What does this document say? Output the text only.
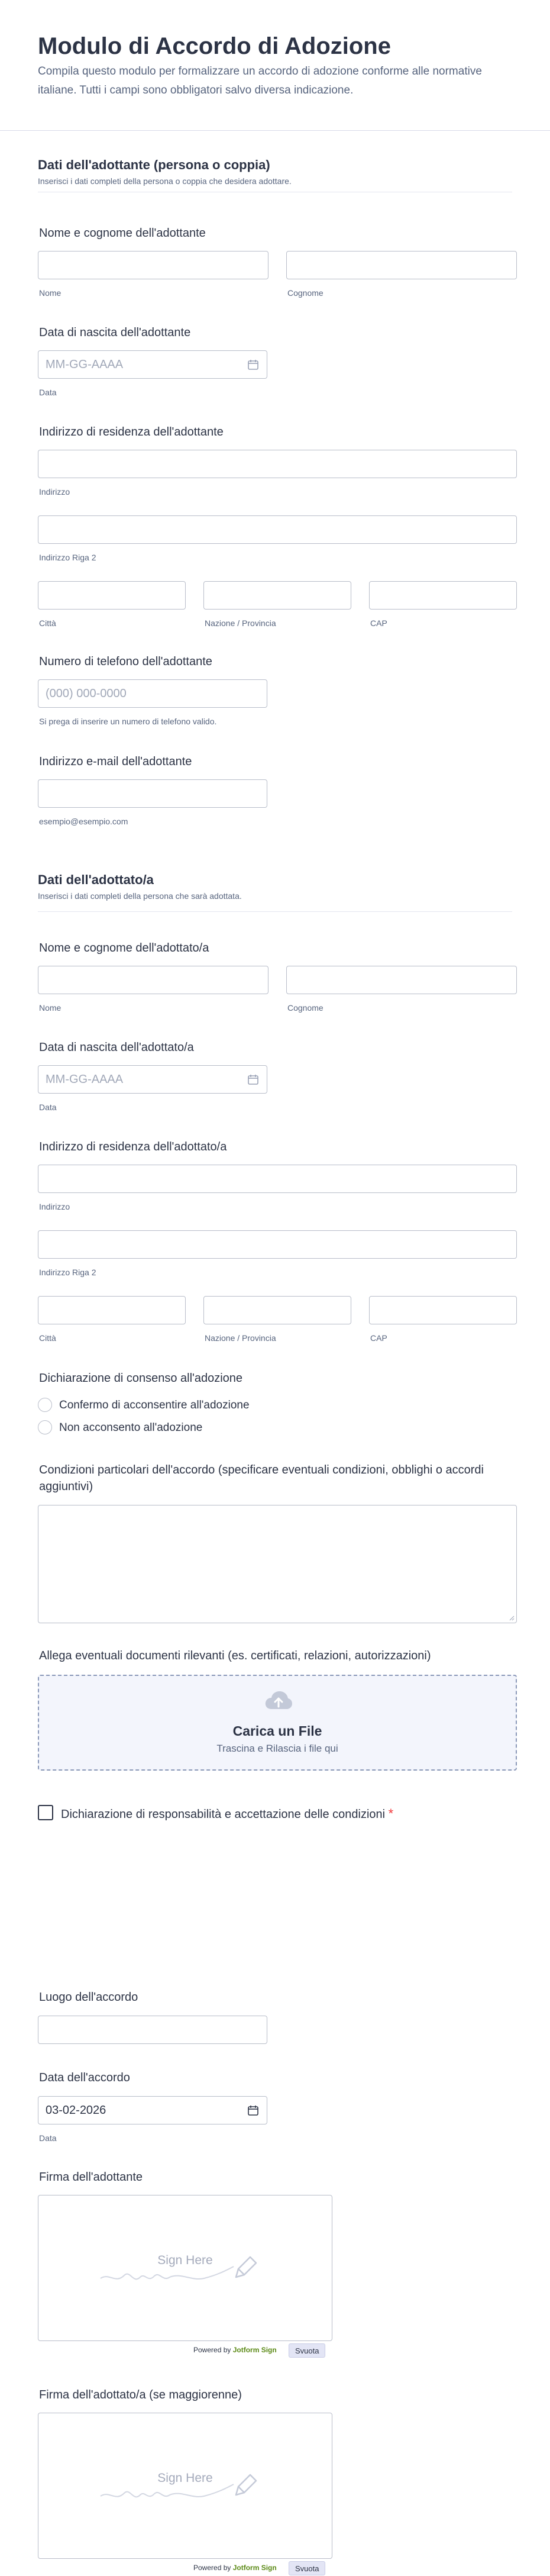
Modulo di Accordo di Adozione
Compila questo modulo per formalizzare un accordo di adozione conforme alle normative italiane. Tutti i campi sono obbligatori salvo diversa indicazione.
Dati dell'adottante (persona o coppia)
Inserisci i dati completi della persona o coppia che desidera adottare.
Nome e cognome dell'adottante
Nome	Cognome
Data di nascita dell'adottante
MM-GG-AAAA
Data
Indirizzo di residenza dell'adottante
Indirizzo
Indirizzo Riga 2
Città	Nazione / Provincia	CAP
Numero di telefono dell'adottante
(000) 000-0000
Si prega di inserire un numero di telefono valido.
Indirizzo e-mail dell'adottante
esempio@esempio.com
Dati dell'adottato/a
Inserisci i dati completi della persona che sarà adottata.
Nome e cognome dell'adottato/a
Nome	Cognome
Data di nascita dell'adottato/a
MM-GG-AAAA
Data
Indirizzo di residenza dell'adottato/a
Indirizzo
Indirizzo Riga 2
Città	Nazione / Provincia	CAP
Dichiarazione di consenso all'adozione
Confermo di acconsentire all'adozione
Non acconsento all'adozione
Condizioni particolari dell'accordo (specificare eventuali condizioni, obblighi o accordi aggiuntivi)
Allega eventuali documenti rilevanti (es. certificati, relazioni, autorizzazioni)
Carica un File
Trascina e Rilascia i file qui
Dichiarazione di responsabilità e accettazione delle condizioni *
Luogo dell'accordo
Data dell'accordo
03-02-2026
Data
Firma dell'adottante
Sign Here
Powered by Jotform Sign	Svuota
Firma dell'adottato/a (se maggiorenne)
Sign Here
Powered by Jotform Sign	Svuota
